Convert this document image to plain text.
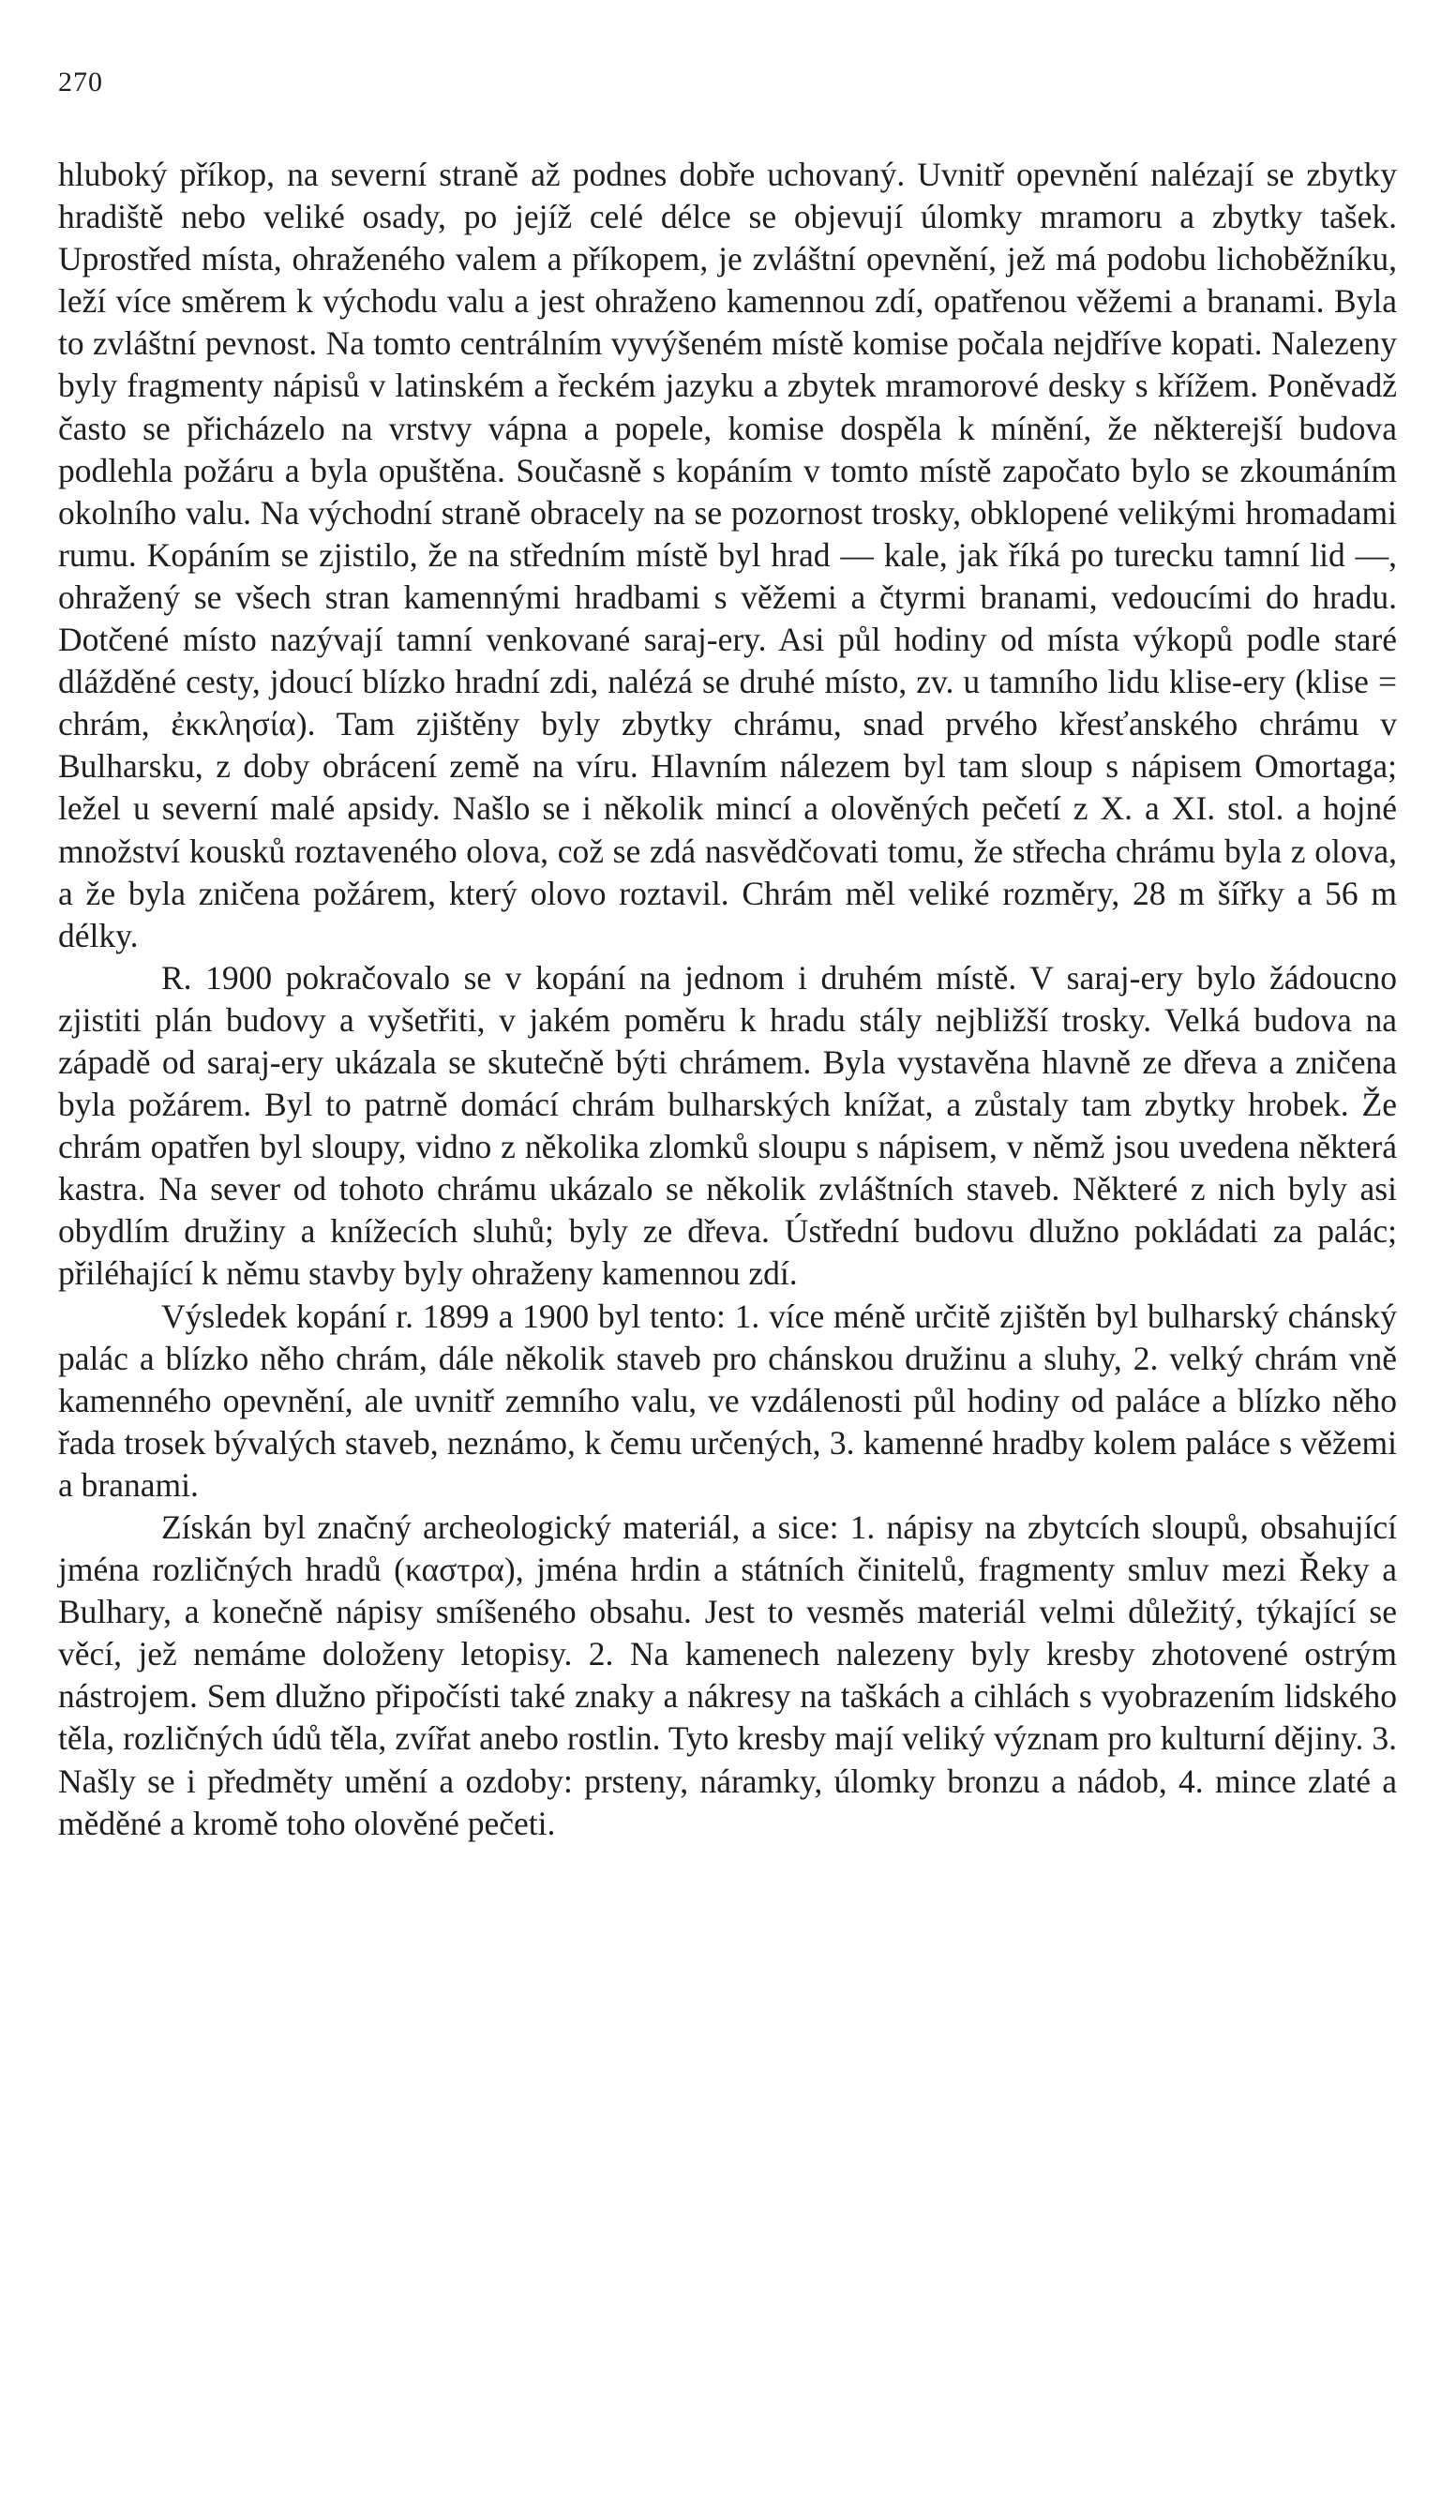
270

hluboký příkop, na severní straně až podnes dobře uchovaný. Uvnitř opevnění nalézají se zbytky hradiště nebo veliké osady, po jejíž celé délce se objevují úlomky mramoru a zbytky tašek. Uprostřed místa, ohraženého valem a příkopem, je zvláštní opevnění, jež má podobu lichoběžníku, leží více směrem k východu valu a jest ohraženo kamennou zdí, opatřenou věžemi a branami. Byla to zvláštní pevnost. Na tomto centrálním vyvýšeném místě komise počala nejdříve kopati. Nalezeny byly fragmenty nápisů v latinském a řeckém jazyku a zbytek mramorové desky s křížem. Poněvadž často se přicházelo na vrstvy vápna a popele, komise dospěla k mínění, že některejší budova podlehla požáru a byla opuštěna. Současně s kopáním v tomto místě započato bylo se zkoumáním okolního valu. Na východní straně obracely na se pozornost trosky, obklopené velikými hromadami rumu. Kopáním se zjistilo, že na středním místě byl hrad — kale, jak říká po turecku tamní lid —, ohražený se všech stran kamennými hradbami s věžemi a čtyrmi branami, vedoucími do hradu. Dotčené místo nazývají tamní venkované saraj-ery. Asi půl hodiny od místa výkopů podle staré dlážděné cesty, jdoucí blízko hradní zdi, nalézá se druhé místo, zv. u tamního lidu klise-ery (klise = chrám, ἐκκλησία). Tam zjištěny byly zbytky chrámu, snad prvého křesťanského chrámu v Bulharsku, z doby obrácení země na víru. Hlavním nálezem byl tam sloup s nápisem Omortaga; ležel u severní malé apsidy. Našlo se i několik mincí a olověných pečetí z X. a XI. stol. a hojné množství kousků roztaveného olova, což se zdá nasvědčovati tomu, že střecha chrámu byla z olova, a že byla zničena požárem, který olovo roztavil. Chrám měl veliké rozměry, 28 m šířky a 56 m délky.

R. 1900 pokračovalo se v kopání na jednom i druhém místě. V saraj-ery bylo žádoucno zjistiti plán budovy a vyšetřiti, v jakém poměru k hradu stály nejbližší trosky. Velká budova na západě od saraj-ery ukázala se skutečně býti chrámem. Byla vystavěna hlavně ze dřeva a zničena byla požárem. Byl to patrně domácí chrám bulharských knížat, a zůstaly tam zbytky hrobek. Že chrám opatřen byl sloupy, vidno z několika zlomků sloupu s nápisem, v němž jsou uvedena některá kastra. Na sever od tohoto chrámu ukázalo se několik zvláštních staveb. Některé z nich byly asi obydlím družiny a knížecích sluhů; byly ze dřeva. Ústřední budovu dlužno pokládati za palác; přiléhající k němu stavby byly ohraženy kamennou zdí.

Výsledek kopání r. 1899 a 1900 byl tento: 1. více méně určitě zjištěn byl bulharský chánský palác a blízko něho chrám, dále několik staveb pro chánskou družinu a sluhy, 2. velký chrám vně kamenného opevnění, ale uvnitř zemního valu, ve vzdálenosti půl hodiny od paláce a blízko něho řada trosek bývalých staveb, neznámo, k čemu určených, 3. kamenné hradby kolem paláce s věžemi a branami.

Získán byl značný archeologický materiál, a sice: 1. nápisy na zbytcích sloupů, obsahující jména rozličných hradů (καστρα), jména hrdin a státních činitelů, fragmenty smluv mezi Řeky a Bulhary, a konečně nápisy smíšeného obsahu. Jest to vesměs materiál velmi důležitý, týkající se věcí, jež nemáme doloženy letopisy. 2. Na kamenech nalezeny byly kresby zhotovené ostrým nástrojem. Sem dlužno připočísti také znaky a nákresy na taškách a cihlách s vyobrazením lidského těla, rozličných údů těla, zvířat anebo rostlin. Tyto kresby mají veliký význam pro kulturní dějiny. 3. Našly se i předměty umění a ozdoby: prsteny, náramky, úlomky bronzu a nádob, 4. mince zlaté a měděné a kromě toho olověné pečeti.
